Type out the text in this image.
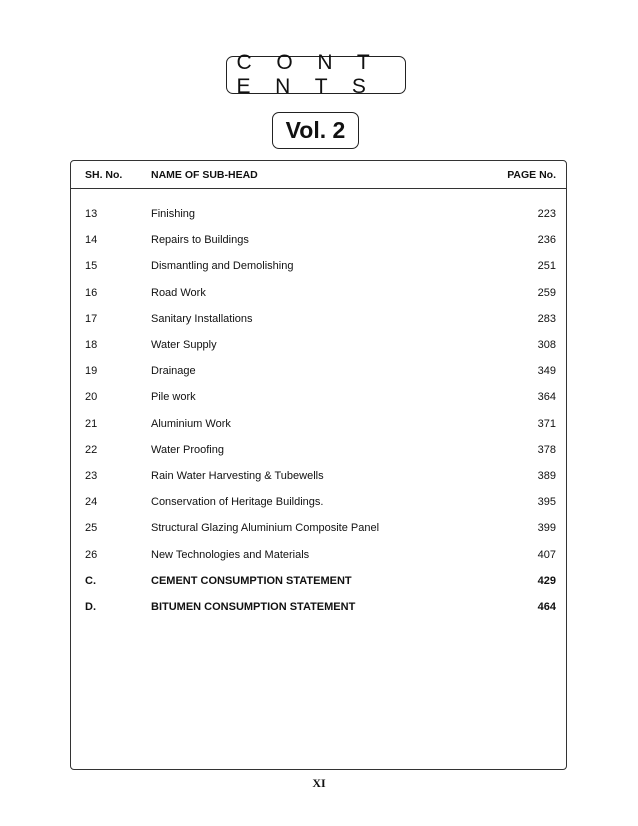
C O N T E N T S
Vol. 2
SH. No.	NAME OF SUB-HEAD	PAGE No.
13	Finishing	223
14	Repairs to Buildings	236
15	Dismantling and Demolishing	251
16	Road Work	259
17	Sanitary Installations	283
18	Water Supply	308
19	Drainage	349
20	Pile work	364
21	Aluminium Work	371
22	Water Proofing	378
23	Rain Water Harvesting & Tubewells	389
24	Conservation of Heritage Buildings.	395
25	Structural Glazing Aluminium Composite Panel	399
26	New Technologies and Materials	407
C.	CEMENT CONSUMPTION STATEMENT	429
D.	BITUMEN CONSUMPTION STATEMENT	464
XI
